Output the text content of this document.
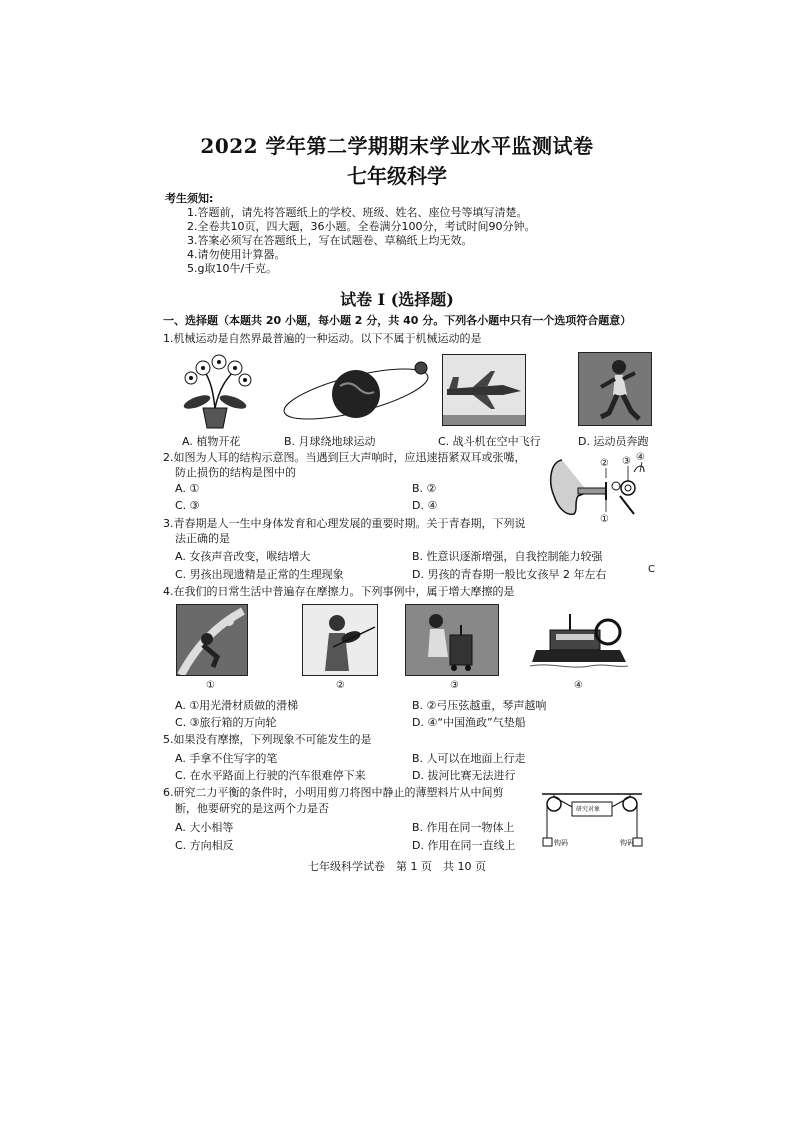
2022 学年第二学期期末学业水平监测试卷
七年级科学
考生须知:
1.答题前，请先将答题纸上的学校、班级、姓名、座位号等填写清楚。
2.全卷共10页，四大题，36小题。全卷满分100分，考试时间90分钟。
3.答案必须写在答题纸上，写在试题卷、草稿纸上均无效。
4.请勿使用计算器。
5.g取10牛/千克。
试卷 I (选择题)
一、选择题（本题共 20 小题，每小题 2 分，共 40 分。下列各小题中只有一个选项符合题意）
1.机械运动是自然界最普遍的一种运动。以下不属于机械运动的是
A. 植物开花	B. 月球绕地球运动	C. 战斗机在空中飞行	D. 运动员奔跑
2.如图为人耳的结构示意图。当遇到巨大声响时，应迅速捂紧双耳或张嘴，
防止损伤的结构是图中的
A. ①	B. ②
C. ③	D. ④
①
② ③ ④
3.青春期是人一生中身体发育和心理发展的重要时期。关于青春期，下列说
法正确的是
A. 女孩声音改变，喉结增大	B. 性意识逐渐增强，自我控制能力较强
C. 男孩出现遗精是正常的生理现象	D. 男孩的青春期一般比女孩早 2 年左右	C
4.在我们的日常生活中普遍存在摩擦力。下列事例中，属于增大摩擦的是
①	②	③	④
A. ①用光滑材质做的滑梯	B. ②弓压弦越重，琴声越响
C. ③旅行箱的万向轮	D. ④“中国渔政”气垫船
5.如果没有摩擦，下列现象不可能发生的是
A. 手拿不住写字的笔	B. 人可以在地面上行走
C. 在水平路面上行驶的汽车很难停下来	D. 拔河比赛无法进行
6.研究二力平衡的条件时，小明用剪刀将图中静止的薄塑料片从中间剪
断，他要研究的是这两个力是否
A. 大小相等	B. 作用在同一物体上
C. 方向相反	D. 作用在同一直线上
研究对象
钩码	钩码
七年级科学试卷　第 1 页　共 10 页
